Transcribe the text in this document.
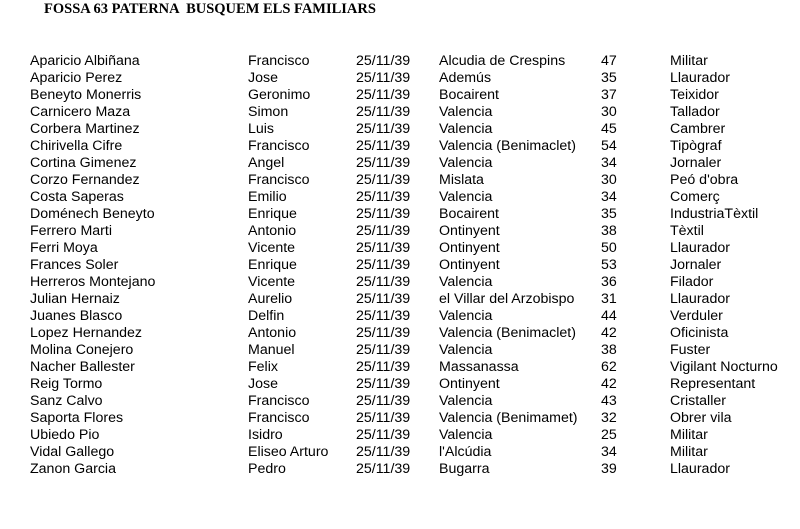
FOSSA 63 PATERNA  BUSQUEM ELS FAMILIARS
Aparicio Albiñana	Francisco	25/11/39 Alcudia de Crespins	47	Militar
Aparicio Perez	Jose	25/11/39 Ademús	35	Llaurador
Beneyto Monerris	Geronimo	25/11/39 Bocairent	37	Teixidor
Carnicero Maza	Simon	25/11/39 Valencia	30	Tallador
Corbera Martinez	Luis	25/11/39 Valencia	45	Cambrer
Chirivella Cifre	Francisco	25/11/39 Valencia (Benimaclet) 54	Tipògraf
Cortina Gimenez	Angel	25/11/39 Valencia	34	Jornaler
Corzo Fernandez	Francisco	25/11/39 Mislata	30	Peó d'obra
Costa Saperas	Emilio	25/11/39 Valencia	34	Comerç
Doménech Beneyto	Enrique	25/11/39 Bocairent	35	IndustriaTèxtil
Ferrero Marti	Antonio	25/11/39 Ontinyent	38	Tèxtil
Ferri Moya	Vicente	25/11/39 Ontinyent	50	Llaurador
Frances Soler	Enrique	25/11/39 Ontinyent	53	Jornaler
Herreros Montejano	Vicente	25/11/39 Valencia	36	Filador
Julian Hernaiz	Aurelio	25/11/39 el Villar del Arzobispo 31	Llaurador
Juanes Blasco	Delfin	25/11/39 Valencia	44	Verduler
Lopez Hernandez	Antonio	25/11/39 Valencia (Benimaclet) 42	Oficinista
Molina Conejero	Manuel	25/11/39 Valencia	38	Fuster
Nacher Ballester	Felix	25/11/39 Massanassa	62	Vigilant Nocturno
Reig Tormo	Jose	25/11/39 Ontinyent	42	Representant
Sanz Calvo	Francisco	25/11/39 Valencia	43	Cristaller
Saporta Flores	Francisco	25/11/39 Valencia (Benimamet) 32	Obrer vila
Ubiedo Pio	Isidro	25/11/39 Valencia	25	Militar
Vidal Gallego	Eliseo Arturo 25/11/39 l'Alcúdia	34	Militar
Zanon Garcia	Pedro	25/11/39 Bugarra	39	Llaurador
